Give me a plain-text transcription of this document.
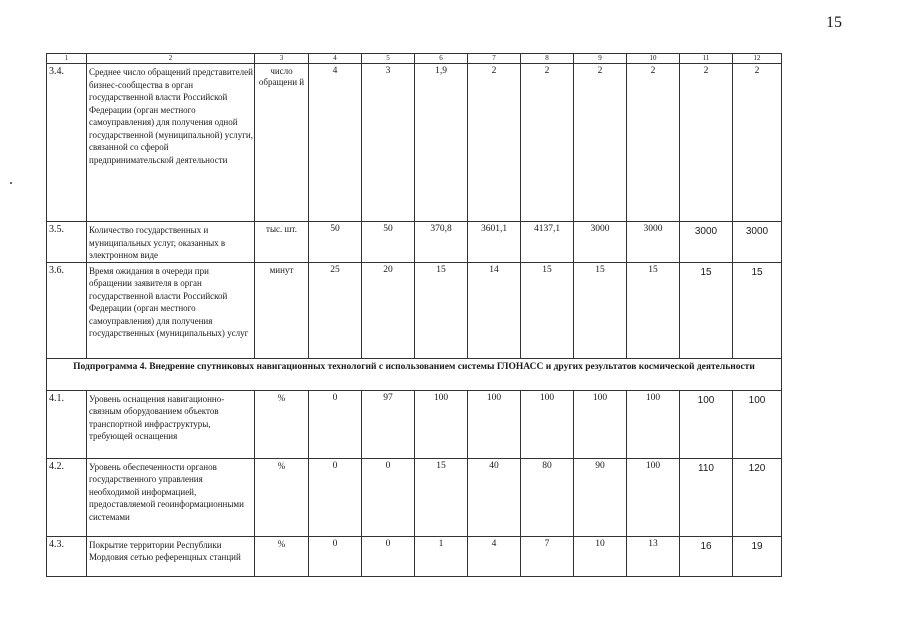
15
1	2	3	4	5	6	7	8	9	10	11	12
3.4.	Среднее число обращений представителей бизнес-сообщества в орган государственной власти Российской Федерации (орган местного самоуправления) для получения одной государственной (муниципальной) услуги, связанной со сферой предпринимательской деятельности	число обращени й	4	3	1,9	2	2	2	2	2	2
3.5.	Количество государственных и муниципальных услуг, оказанных в электронном виде	тыс. шт.	50	50	370,8	3601,1	4137,1	3000	3000	3000	3000
3.6.	Время ожидания в очереди при обращении заявителя в орган государственной власти Российской Федерации (орган местного самоуправления) для получения государственных (муниципальных) услуг	минут	25	20	15	14	15	15	15	15	15
Подпрограмма 4. Внедрение спутниковых навигационных технологий с использованием системы ГЛОНАСС и других результатов космической деятельности											
4.1.	Уровень оснащения навигационно-связным оборудованием объектов транспортной инфраструктуры, требующей оснащения	%	0	97	100	100	100	100	100	100	100
4.2.	Уровень обеспеченности органов государственного управления необходимой информацией, предоставляемой геоинформационными системами	%	0	0	15	40	80	90	100	110	120
4.3.	Покрытие территории Республики Мордовия сетью референцных станций	%	0	0	1	4	7	10	13	16	19
